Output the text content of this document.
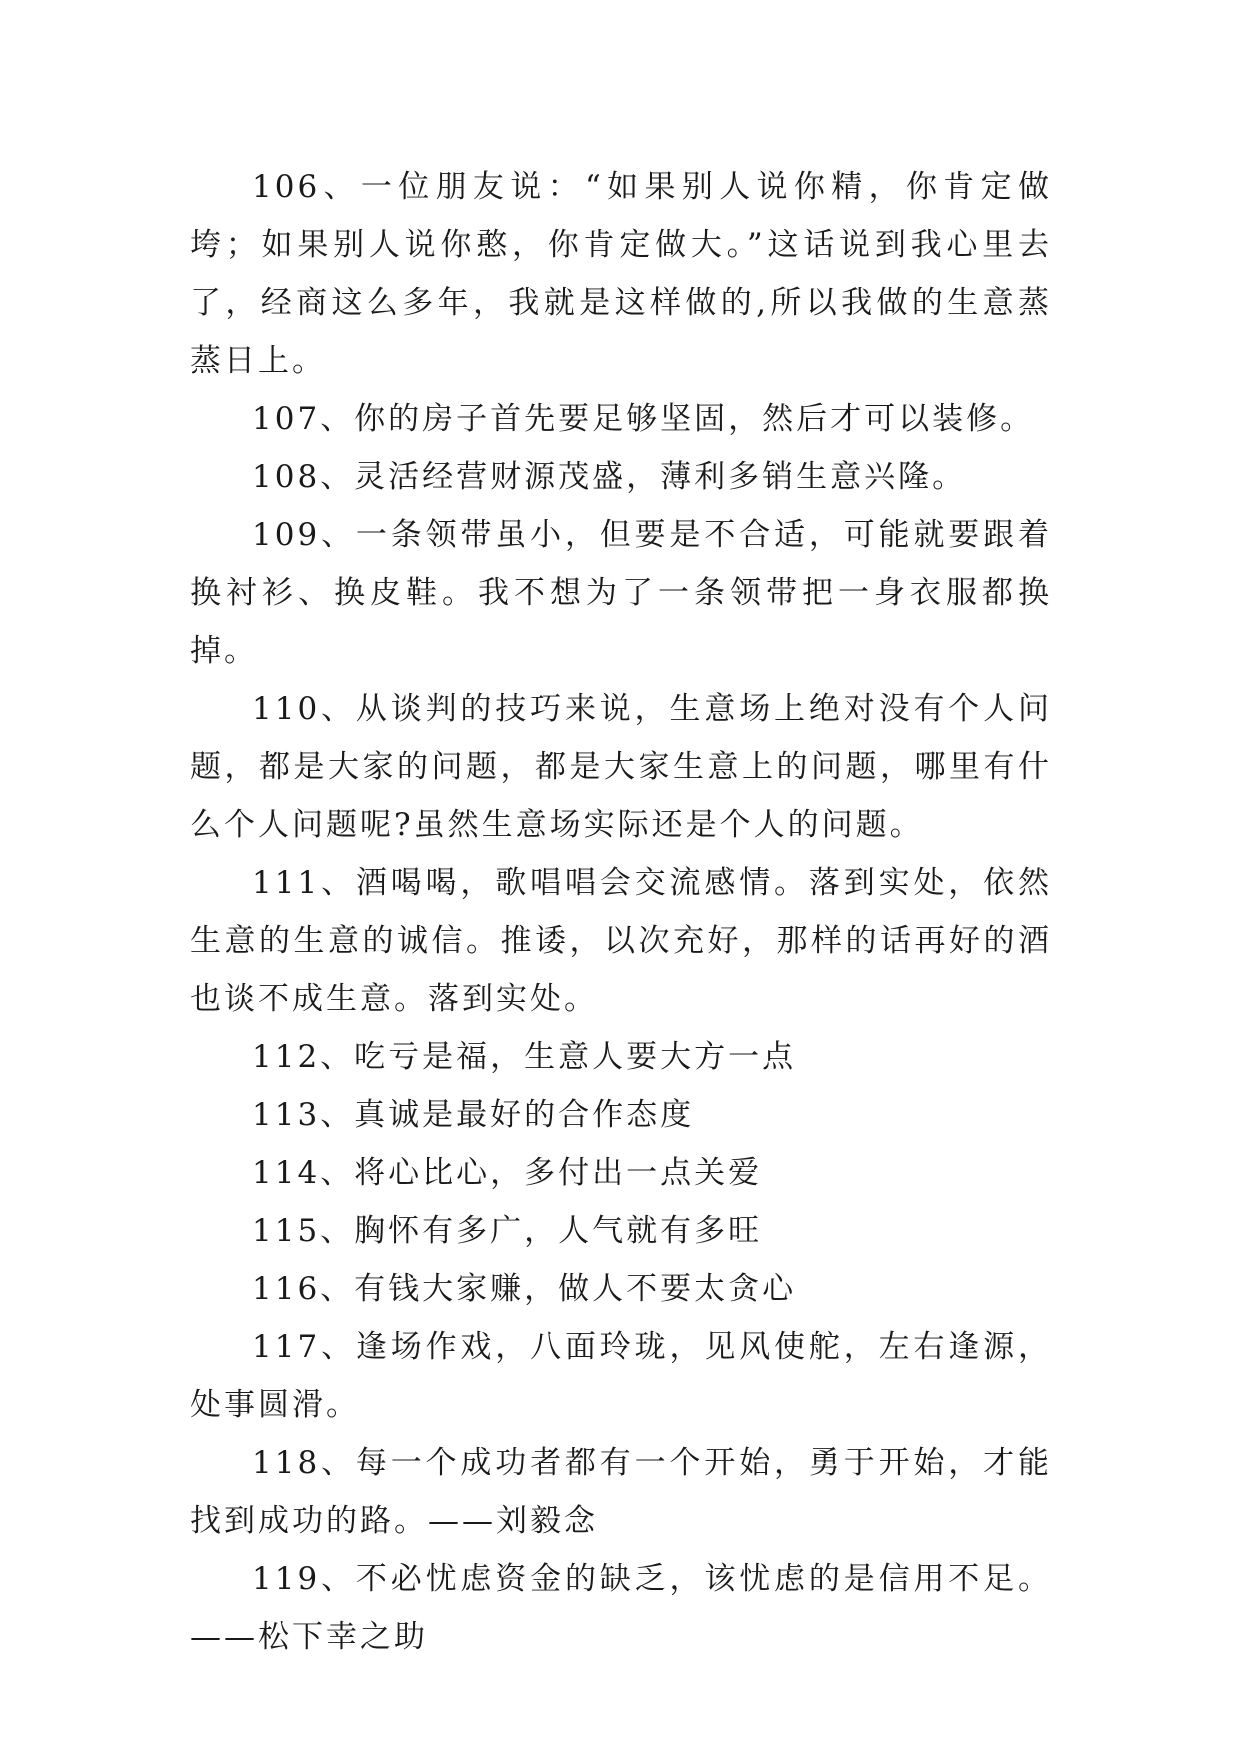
106、一位朋友说：“如果别人说你精，你肯定做垮；如果别人说你憨，你肯定做大。”这话说到我心里去了，经商这么多年，我就是这样做的,所以我做的生意蒸蒸日上。

107、你的房子首先要足够坚固，然后才可以装修。

108、灵活经营财源茂盛，薄利多销生意兴隆。

109、一条领带虽小，但要是不合适，可能就要跟着换衬衫、换皮鞋。我不想为了一条领带把一身衣服都换掉。

110、从谈判的技巧来说，生意场上绝对没有个人问题，都是大家的问题，都是大家生意上的问题，哪里有什么个人问题呢?虽然生意场实际还是个人的问题。

111、酒喝喝，歌唱唱会交流感情。落到实处，依然生意的生意的诚信。推诿，以次充好，那样的话再好的酒也谈不成生意。落到实处。

112、吃亏是福，生意人要大方一点

113、真诚是最好的合作态度

114、将心比心，多付出一点关爱

115、胸怀有多广，人气就有多旺

116、有钱大家赚，做人不要太贪心

117、逢场作戏，八面玲珑，见风使舵，左右逢源，处事圆滑。

118、每一个成功者都有一个开始，勇于开始，才能找到成功的路。——刘毅念

119、不必忧虑资金的缺乏，该忧虑的是信用不足。——松下幸之助
